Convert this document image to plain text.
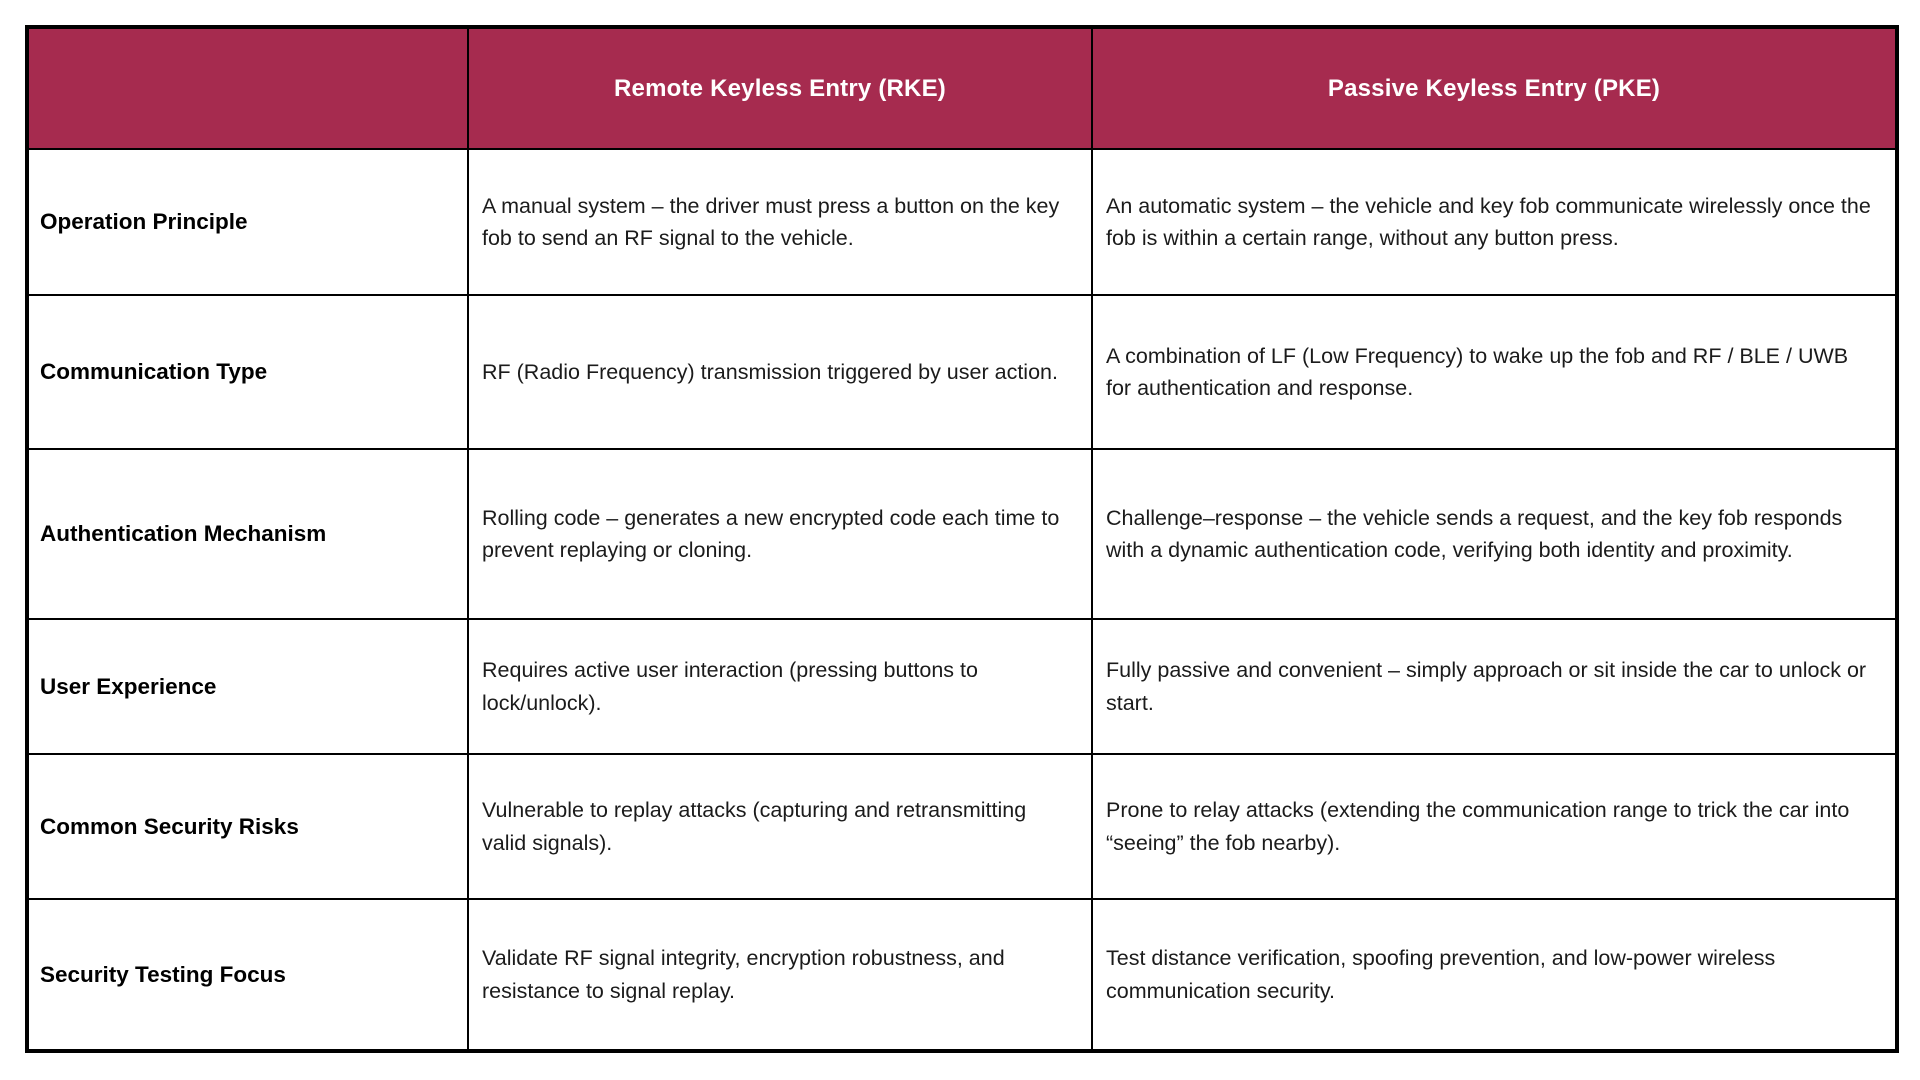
	Remote Keyless Entry (RKE)	Passive Keyless Entry (PKE)
Operation Principle	A manual system – the driver must press a button on the key fob to send an RF signal to the vehicle.	An automatic system – the vehicle and key fob communicate wirelessly once the fob is within a certain range, without any button press.
Communication Type	RF (Radio Frequency) transmission triggered by user action.	A combination of LF (Low Frequency) to wake up the fob and RF / BLE / UWB for authentication and response.
Authentication Mechanism	Rolling code – generates a new encrypted code each time to prevent replaying or cloning.	Challenge–response – the vehicle sends a request, and the key fob responds with a dynamic authentication code, verifying both identity and proximity.
User Experience	Requires active user interaction (pressing buttons to lock/unlock).	Fully passive and convenient – simply approach or sit inside the car to unlock or start.
Common Security Risks	Vulnerable to replay attacks (capturing and retransmitting valid signals).	Prone to relay attacks (extending the communication range to trick the car into “seeing” the fob nearby).
Security Testing Focus	Validate RF signal integrity, encryption robustness, and resistance to signal replay.	Test distance verification, spoofing prevention, and low-power wireless communication security.
